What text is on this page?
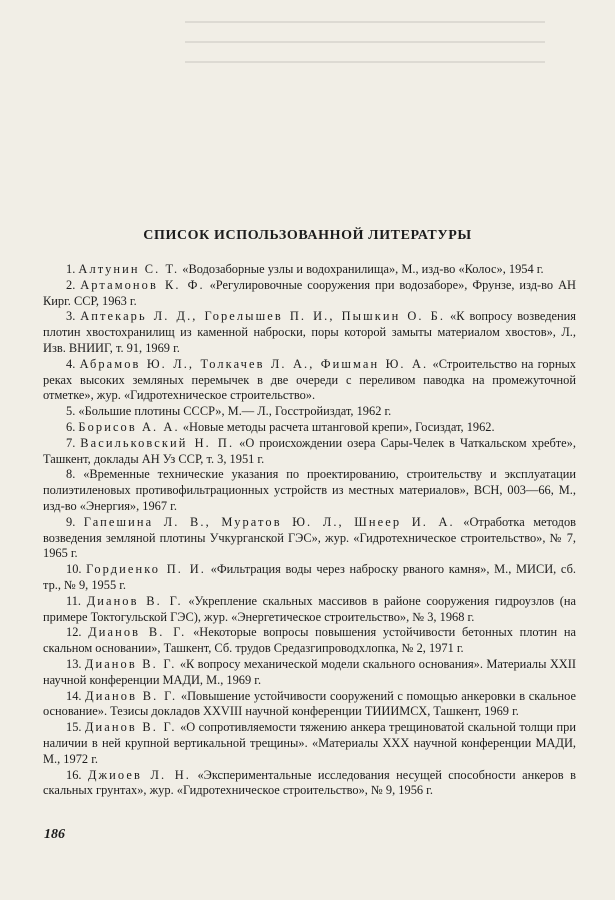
СПИСОК ИСПОЛЬЗОВАННОЙ ЛИТЕРАТУРЫ

1. Алтунин С. Т. «Водозаборные узлы и водохранилища», М., изд-во «Колос», 1954 г.

2. Артамонов К. Ф. «Регулировочные сооружения при водозаборе», Фрунзе, изд-во АН Кирг. ССР, 1963 г.

3. Аптекарь Л. Д., Горелышев П. И., Пышкин О. Б. «К вопросу возведения плотин хвостохранилищ из каменной наброски, поры которой замыты материалом хвостов», Л., Изв. ВНИИГ, т. 91, 1969 г.

4. Абрамов Ю. Л., Толкачев Л. А., Фишман Ю. А. «Строительство на горных реках высоких земляных перемычек в две очереди с переливом паводка на промежуточной отметке», жур. «Гидротехническое строительство».

5. «Большие плотины СССР», М.— Л., Госстройиздат, 1962 г.

6. Борисов А. А. «Новые методы расчета штанговой крепи», Госиздат, 1962.

7. Васильковский Н. П. «О происхождении озера Сары-Челек в Чаткальском хребте», Ташкент, доклады АН Уз ССР, т. 3, 1951 г.

8. «Временные технические указания по проектированию, строительству и эксплуатации полиэтиленовых противофильтрационных устройств из местных материалов», ВСН, 003—66, М., изд-во «Энергия», 1967 г.

9. Гапешина Л. В., Муратов Ю. Л., Шнеер И. А. «Отработка методов возведения земляной плотины Учкурганской ГЭС», жур. «Гидротехническое строительство», № 7, 1965 г.

10. Гордиенко П. И. «Фильтрация воды через наброску рваного камня», М., МИСИ, сб. тр., № 9, 1955 г.

11. Дианов В. Г. «Укрепление скальных массивов в районе сооружения гидроузлов (на примере Токтогульской ГЭС), жур. «Энергетическое строительство», № 3, 1968 г.

12. Дианов В. Г. «Некоторые вопросы повышения устойчивости бетонных плотин на скальном основании», Ташкент, Сб. трудов Средазгипроводхлопка, № 2, 1971 г.

13. Дианов В. Г. «К вопросу механической модели скального основания». Материалы XXII научной конференции МАДИ, М., 1969 г.

14. Дианов В. Г. «Повышение устойчивости сооружений с помощью анкеровки в скальное основание». Тезисы докладов XXVIII научной конференции ТИИИМСХ, Ташкент, 1969 г.

15. Дианов В. Г. «О сопротивляемости тяжению анкера трещиноватой скальной толщи при наличии в ней крупной вертикальной трещины». «Материалы XXX научной конференции МАДИ, М., 1972 г.

16. Джиоев Л. Н. «Экспериментальные исследования несущей способности анкеров в скальных грунтах», жур. «Гидротехническое строительство», № 9, 1956 г.

186
